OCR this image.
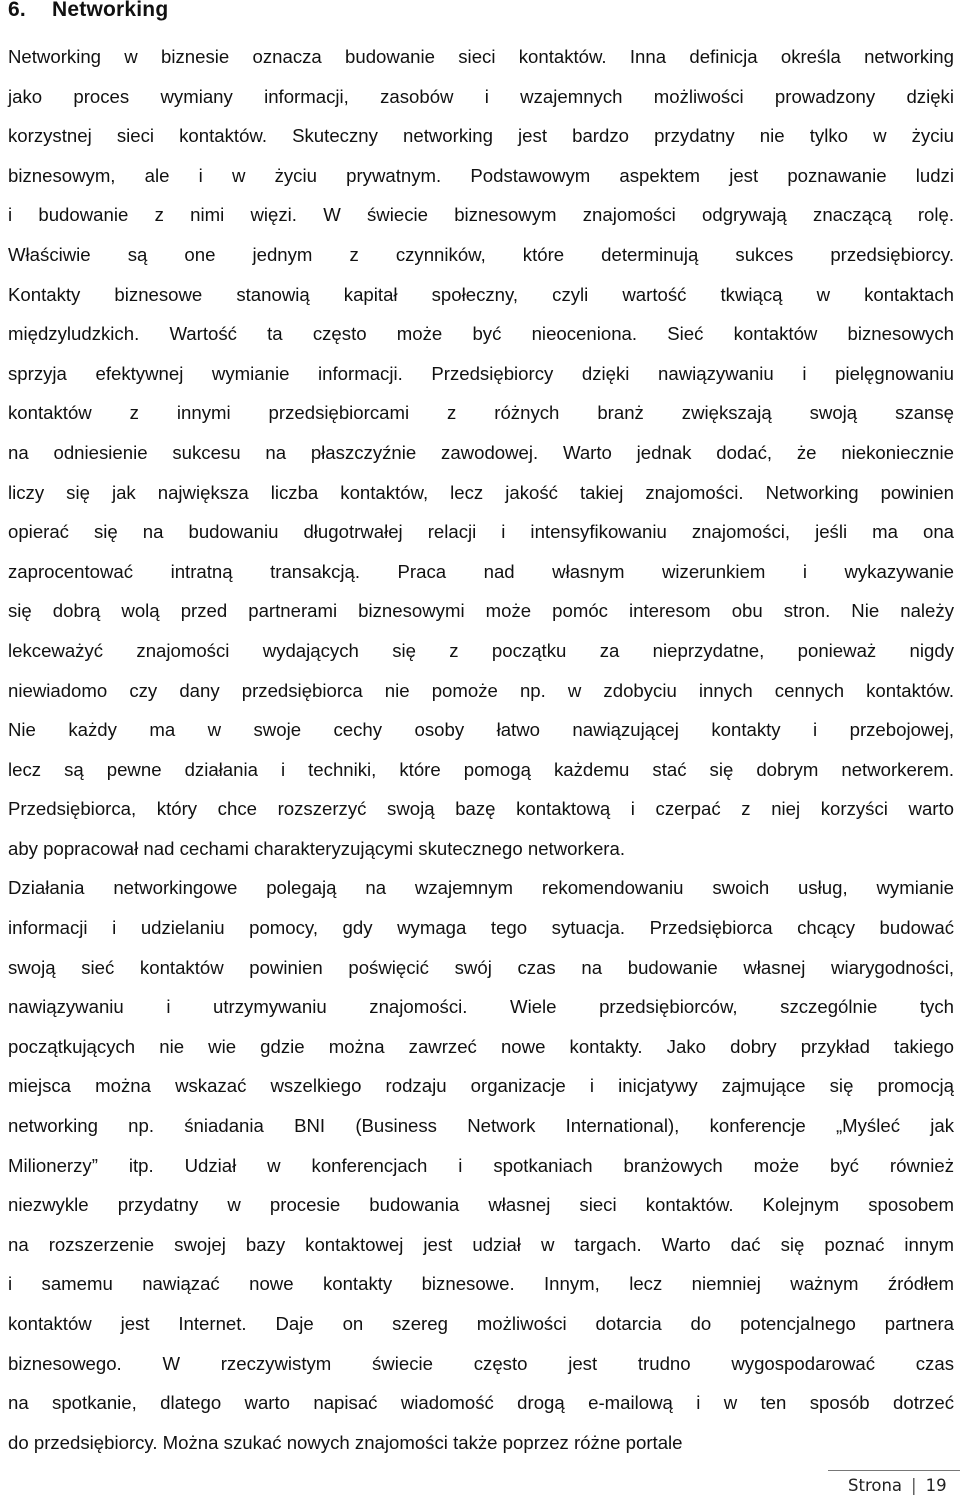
6. Networking
Networking w biznesie oznacza budowanie sieci kontaktów. Inna definicja określa networking
jako proces wymiany informacji, zasobów i wzajemnych możliwości prowadzony dzięki
korzystnej sieci kontaktów. Skuteczny networking jest bardzo przydatny nie tylko w życiu
biznesowym, ale i w życiu prywatnym. Podstawowym aspektem jest poznawanie ludzi
i budowanie z nimi więzi. W świecie biznesowym znajomości odgrywają znaczącą rolę.
Właściwie są one jednym z czynników, które determinują sukces przedsiębiorcy.
Kontakty biznesowe stanowią kapitał społeczny, czyli wartość tkwiącą w kontaktach
międzyludzkich. Wartość ta często może być nieoceniona. Sieć kontaktów biznesowych
sprzyja efektywnej wymianie informacji. Przedsiębiorcy dzięki nawiązywaniu i pielęgnowaniu
kontaktów z innymi przedsiębiorcami z różnych branż zwiększają swoją szansę
na odniesienie sukcesu na płaszczyźnie zawodowej. Warto jednak dodać, że niekoniecznie
liczy się jak największa liczba kontaktów, lecz jakość takiej znajomości. Networking powinien
opierać się na budowaniu długotrwałej relacji i intensyfikowaniu znajomości, jeśli ma ona
zaprocentować intratną transakcją. Praca nad własnym wizerunkiem i wykazywanie
się dobrą wolą przed partnerami biznesowymi może pomóc interesom obu stron. Nie należy
lekceważyć znajomości wydających się z początku za nieprzydatne, ponieważ nigdy
niewiadomo czy dany przedsiębiorca nie pomoże np. w zdobyciu innych cennych kontaktów.
Nie każdy ma w swoje cechy osoby łatwo nawiązującej kontakty i przebojowej,
lecz są pewne działania i techniki, które pomogą każdemu stać się dobrym networkerem.
Przedsiębiorca, który chce rozszerzyć swoją bazę kontaktową i czerpać z niej korzyści warto
aby popracował nad cechami charakteryzującymi skutecznego networkera.
Działania networkingowe polegają na wzajemnym rekomendowaniu swoich usług, wymianie
informacji i udzielaniu pomocy, gdy wymaga tego sytuacja. Przedsiębiorca chcący budować
swoją sieć kontaktów powinien poświęcić swój czas na budowanie własnej wiarygodności,
nawiązywaniu i utrzymywaniu znajomości. Wiele przedsiębiorców, szczególnie tych
początkujących nie wie gdzie można zawrzeć nowe kontakty. Jako dobry przykład takiego
miejsca można wskazać wszelkiego rodzaju organizacje i inicjatywy zajmujące się promocją
networking np. śniadania BNI (Business Network International), konferencje „Myśleć jak
Milionerzy” itp. Udział w konferencjach i spotkaniach branżowych może być również
niezwykle przydatny w procesie budowania własnej sieci kontaktów. Kolejnym sposobem
na rozszerzenie swojej bazy kontaktowej jest udział w targach. Warto dać się poznać innym
i samemu nawiązać nowe kontakty biznesowe. Innym, lecz niemniej ważnym źródłem
kontaktów jest Internet. Daje on szereg możliwości dotarcia do potencjalnego partnera
biznesowego. W rzeczywistym świecie często jest trudno wygospodarować czas
na spotkanie, dlatego warto napisać wiadomość drogą e-mailową i w ten sposób dotrzeć
do przedsiębiorcy. Można szukać nowych znajomości także poprzez różne portale
Strona | 19
